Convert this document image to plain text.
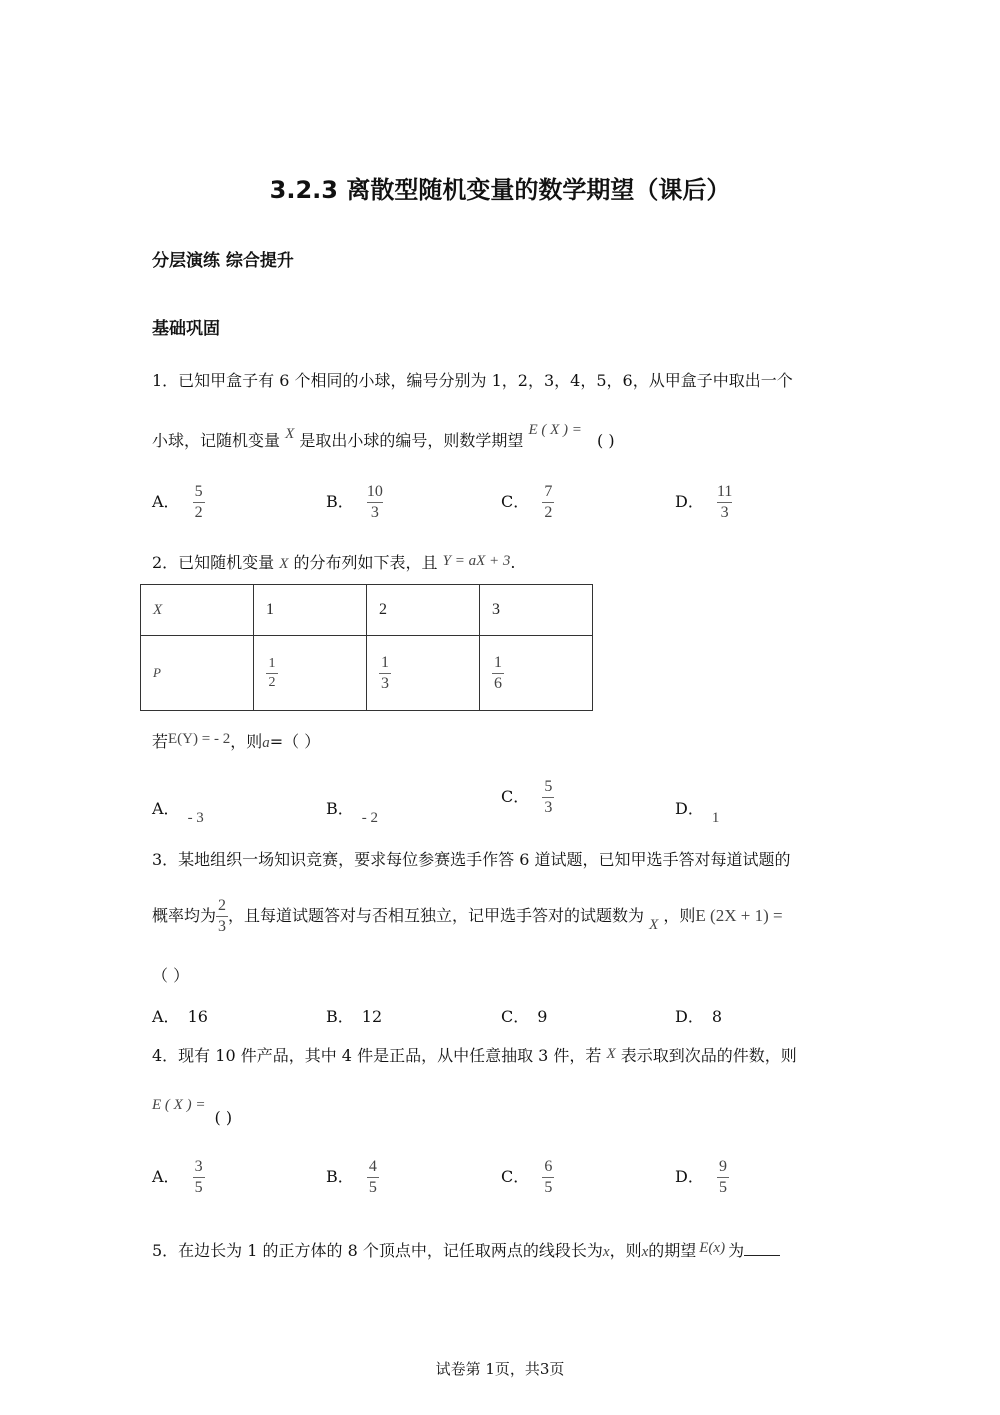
3.2.3 离散型随机变量的数学期望（课后）
分层演练 综合提升
基础巩固
1．已知甲盒子有 6 个相同的小球，编号分别为 1，2，3，4，5，6，从甲盒子中取出一个
小球，记随机变量 X 是取出小球的编号，则数学期望 E ( X ) = ( )
A． $\frac{5}{2}$	B． $\frac{10}{3}$	C． $\frac{7}{2}$	D． $\frac{11}{3}$
2．已知随机变量 X 的分布列如下表，且 Y = aX + 3.
X	1	2	3
P	$\frac{1}{2}$	$\frac{1}{3}$	$\frac{1}{6}$
若E(Y) = - 2，则a=（ ）
A． - 3	B． - 2
C． $\frac{5}{3}$	D． 1
3．某地组织一场知识竞赛，要求每位参赛选手作答 6 道试题，已知甲选手答对每道试题的
概率均为 $\frac{2}{3}$ ，且每道试题答对与否相互独立，记甲选手答对的试题数为 X ，则E (2X + 1) =
（ ）
A． 16	B． 12	C． 9	D． 8
4．现有 10 件产品，其中 4 件是正品，从中任意抽取 3 件，若 X 表示取到次品的件数，则
E ( X ) = ( )
A． $\frac{3}{5}$	B． $\frac{4}{5}$	C． $\frac{6}{5}$	D． $\frac{9}{5}$
5．在边长为 1 的正方体的 8 个顶点中，记任取两点的线段长为x，则x的期望 E(x) 为
试卷第 1页，共3页
